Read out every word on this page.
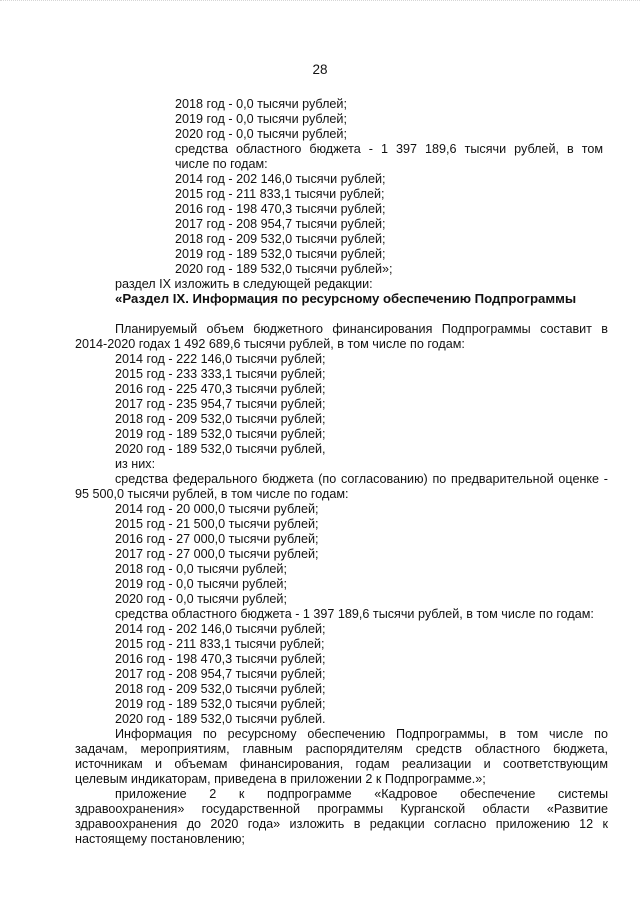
28
2018 год - 0,0 тысячи рублей;
2019 год - 0,0 тысячи рублей;
2020 год - 0,0 тысячи рублей;
средства областного бюджета - 1 397 189,6 тысячи рублей, в том
числе по годам:
2014 год - 202 146,0 тысячи рублей;
2015 год - 211 833,1 тысячи рублей;
2016 год - 198 470,3 тысячи рублей;
2017 год - 208 954,7 тысячи рублей;
2018 год - 209 532,0 тысячи рублей;
2019 год - 189 532,0 тысячи рублей;
2020 год - 189 532,0 тысячи рублей»;
раздел IX изложить в следующей редакции:
«Раздел IX. Информация по ресурсному обеспечению Подпрограммы
Планируемый объем бюджетного финансирования Подпрограммы составит в
2014-2020 годах 1 492 689,6 тысячи рублей, в том числе по годам:
2014 год - 222 146,0 тысячи рублей;
2015 год - 233 333,1 тысячи рублей;
2016 год - 225 470,3 тысячи рублей;
2017 год - 235 954,7 тысячи рублей;
2018 год - 209 532,0 тысячи рублей;
2019 год - 189 532,0 тысячи рублей;
2020 год - 189 532,0 тысячи рублей,
из них:
средства федерального бюджета (по согласованию) по предварительной оценке -
95 500,0 тысячи рублей, в том числе по годам:
2014 год - 20 000,0 тысячи рублей;
2015 год - 21 500,0 тысячи рублей;
2016 год - 27 000,0 тысячи рублей;
2017 год - 27 000,0 тысячи рублей;
2018 год - 0,0 тысячи рублей;
2019 год - 0,0 тысячи рублей;
2020 год - 0,0 тысячи рублей;
средства областного бюджета - 1 397 189,6 тысячи рублей, в том числе по годам:
2014 год - 202 146,0 тысячи рублей;
2015 год - 211 833,1 тысячи рублей;
2016 год - 198 470,3 тысячи рублей;
2017 год - 208 954,7 тысячи рублей;
2018 год - 209 532,0 тысячи рублей;
2019 год - 189 532,0 тысячи рублей;
2020 год - 189 532,0 тысячи рублей.
Информация по ресурсному обеспечению Подпрограммы, в том числе по
задачам, мероприятиям, главным распорядителям средств областного бюджета,
источникам и объемам финансирования, годам реализации и соответствующим
целевым индикаторам, приведена в приложении 2 к Подпрограмме.»;
приложение 2 к подпрограмме «Кадровое обеспечение системы
здравоохранения» государственной программы Курганской области «Развитие
здравоохранения до 2020 года» изложить в редакции согласно приложению 12 к
настоящему постановлению;
